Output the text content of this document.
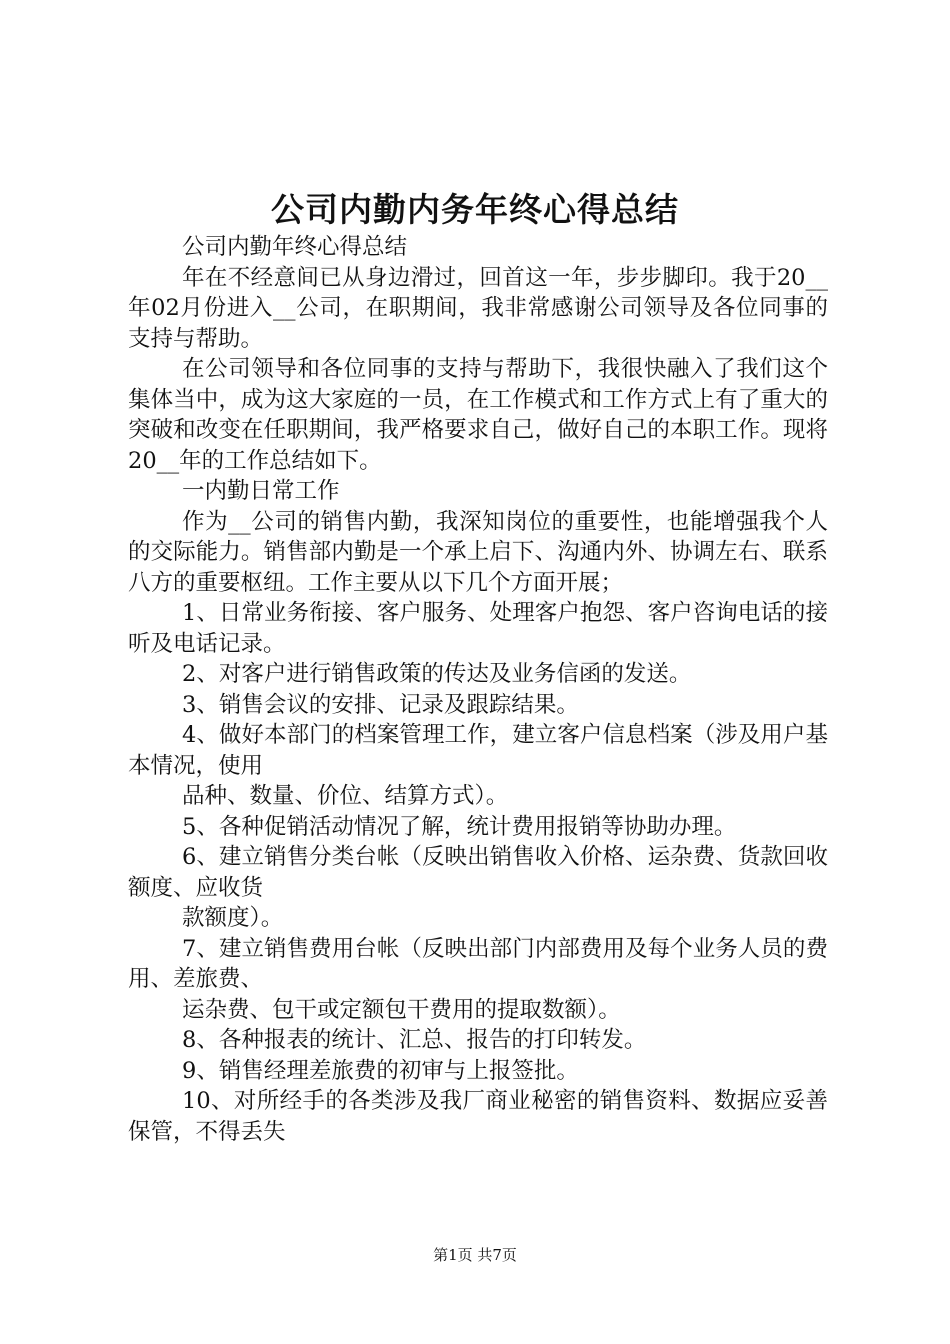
公司内勤内务年终心得总结

公司内勤年终心得总结

年在不经意间已从身边滑过，回首这一年，步步脚印。我于20__年02月份进入__公司，在职期间，我非常感谢公司领导及各位同事的支持与帮助。

在公司领导和各位同事的支持与帮助下，我很快融入了我们这个集体当中，成为这大家庭的一员，在工作模式和工作方式上有了重大的突破和改变在任职期间，我严格要求自己，做好自己的本职工作。现将20__年的工作总结如下。

一内勤日常工作

作为__公司的销售内勤，我深知岗位的重要性，也能增强我个人的交际能力。销售部内勤是一个承上启下、沟通内外、协调左右、联系八方的重要枢纽。工作主要从以下几个方面开展；

1、日常业务衔接、客户服务、处理客户抱怨、客户咨询电话的接听及电话记录。

2、对客户进行销售政策的传达及业务信函的发送。

3、销售会议的安排、记录及跟踪结果。

4、做好本部门的档案管理工作，建立客户信息档案（涉及用户基本情况，使用

品种、数量、价位、结算方式）。

5、各种促销活动情况了解，统计费用报销等协助办理。

6、建立销售分类台帐（反映出销售收入价格、运杂费、货款回收额度、应收货

款额度）。

7、建立销售费用台帐（反映出部门内部费用及每个业务人员的费用、差旅费、

运杂费、包干或定额包干费用的提取数额）。

8、各种报表的统计、汇总、报告的打印转发。

9、销售经理差旅费的初审与上报签批。

10、对所经手的各类涉及我厂商业秘密的销售资料、数据应妥善保管，不得丢失

第1页 共7页
